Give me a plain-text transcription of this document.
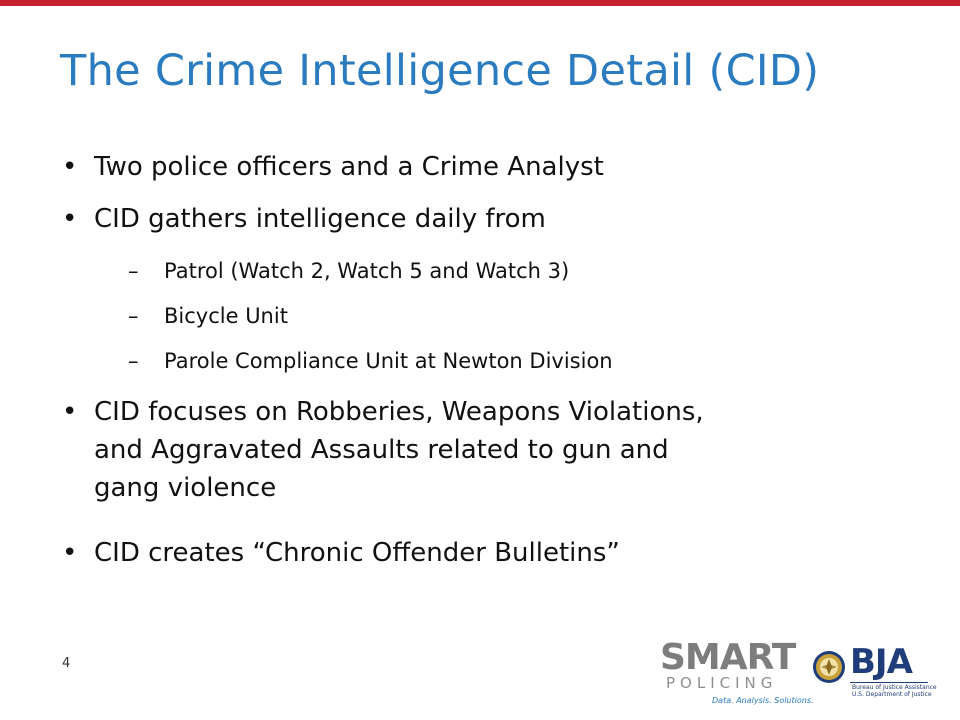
The Crime Intelligence Detail (CID)
• Two police officers and a Crime Analyst
• CID gathers intelligence daily from
– Patrol (Watch 2, Watch 5 and Watch 3)
– Bicycle Unit
– Parole Compliance Unit at Newton Division
• CID focuses on Robberies, Weapons Violations,
and Aggravated Assaults related to gun and
gang violence
• CID creates “Chronic Offender Bulletins”
4	SMART
POLICING
Data. Analysis. Solutions.
BJA
Bureau of Justice Assistance
U.S. Department of Justice
